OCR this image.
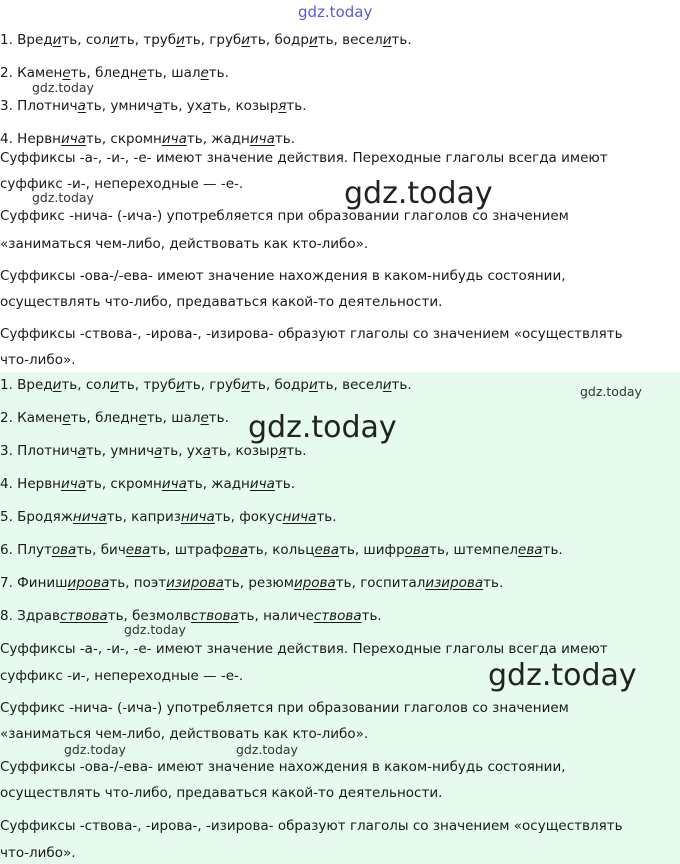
1. Вредить, солить, трубить, грубить, бодрить, веселить.
2. Каменеть, бледнеть, шалеть.
3. Плотничать, умничать, ухать, козырять.
4. Нервничать, скромничать, жадничать.
Суффиксы -а-, -и-, -е- имеют значение действия. Переходные глаголы всегда имеют
суффикс -и-, непереходные — -е-.
Суффикс -нича- (-ича-) употребляется при образовании глаголов со значением
«заниматься чем-либо, действовать как кто-либо».
Суффиксы -ова-/-ева- имеют значение нахождения в каком-нибудь состоянии,
осуществлять что-либо, предаваться какой-то деятельности.
Суффиксы -ствова-, -ирова-, -изирова- образуют глаголы со значением «осуществлять
что-либо».
1. Вредить, солить, трубить, грубить, бодрить, веселить.
2. Каменеть, бледнеть, шалеть.
3. Плотничать, умничать, ухать, козырять.
4. Нервничать, скромничать, жадничать.
5. Бродяжничать, капризничать, фокусничать.
6. Плутовать, бичевать, штрафовать, кольцевать, шифровать, штемпелевать.
7. Финишировать, поэтизировать, резюмировать, госпитализировать.
8. Здравствовать, безмолвствовать, наличествовать.
Суффиксы -а-, -и-, -е- имеют значение действия. Переходные глаголы всегда имеют
суффикс -и-, непереходные — -е-.
Суффикс -нича- (-ича-) употребляется при образовании глаголов со значением
«заниматься чем-либо, действовать как кто-либо».
Суффиксы -ова-/-ева- имеют значение нахождения в каком-нибудь состоянии,
осуществлять что-либо, предаваться какой-то деятельности.
Суффиксы -ствова-, -ирова-, -изирова- образуют глаголы со значением «осуществлять
что-либо».
gdz.today
gdz.today
gdz.today	gdz.today
gdz.today
gdz.today
gdz.today
gdz.today
gdz.today	gdz.today
